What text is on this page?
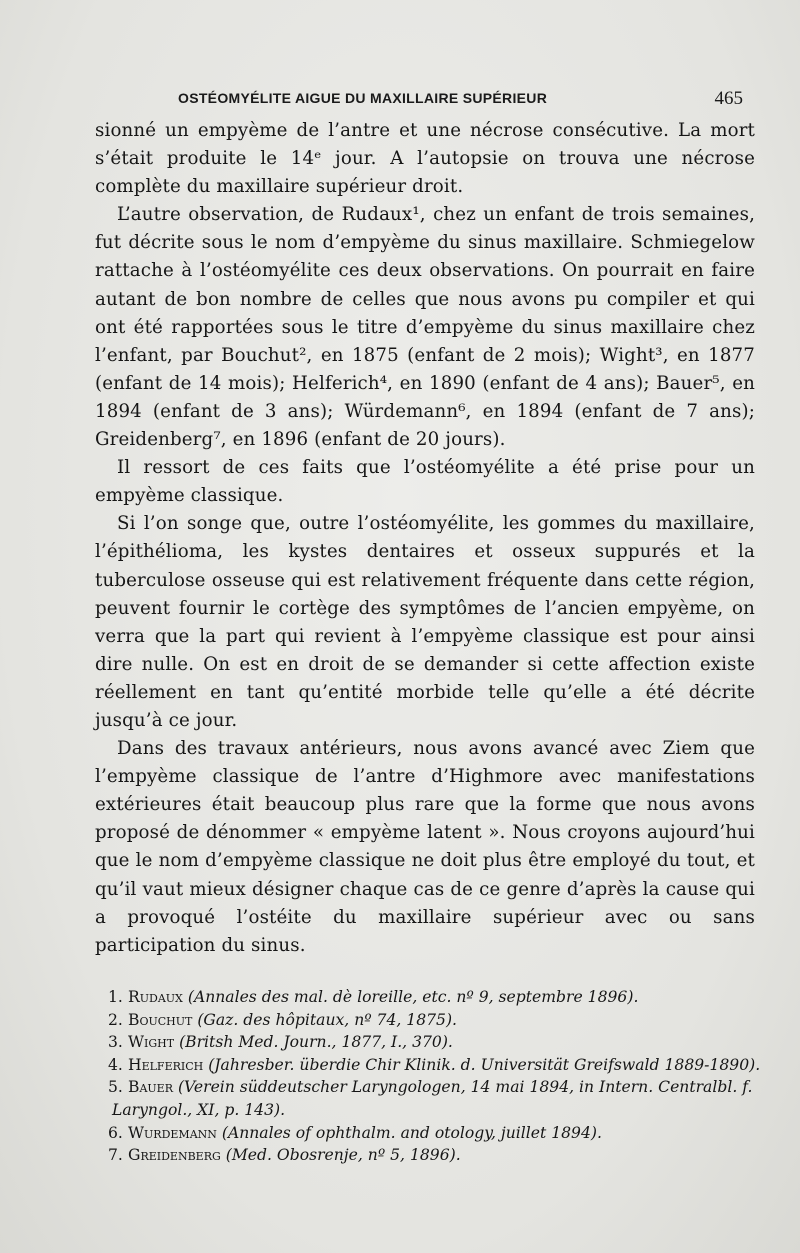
OSTÉOMYÉLITE AIGUE DU MAXILLAIRE SUPÉRIEUR	465

sionné un empyème de l’antre et une nécrose consécutive. La mort s’était produite le 14ᵉ jour. A l’autopsie on trouva une nécrose complète du maxillaire supérieur droit.

L’autre observation, de Rudaux¹, chez un enfant de trois semaines, fut décrite sous le nom d’empyème du sinus maxillaire. Schmiegelow rattache à l’ostéomyélite ces deux observations. On pourrait en faire autant de bon nombre de celles que nous avons pu compiler et qui ont été rapportées sous le titre d’empyème du sinus maxillaire chez l’enfant, par Bouchut², en 1875 (enfant de 2 mois); Wight³, en 1877 (enfant de 14 mois); Helferich⁴, en 1890 (enfant de 4 ans); Bauer⁵, en 1894 (enfant de 3 ans); Würdemann⁶, en 1894 (enfant de 7 ans); Greidenberg⁷, en 1896 (enfant de 20 jours).

Il ressort de ces faits que l’ostéomyélite a été prise pour un empyème classique.

Si l’on songe que, outre l’ostéomyélite, les gommes du maxillaire, l’épithélioma, les kystes dentaires et osseux suppurés et la tuberculose osseuse qui est relativement fréquente dans cette région, peuvent fournir le cortège des symptômes de l’ancien empyème, on verra que la part qui revient à l’empyème classique est pour ainsi dire nulle. On est en droit de se demander si cette affection existe réellement en tant qu’entité morbide telle qu’elle a été décrite jusqu’à ce jour.

Dans des travaux antérieurs, nous avons avancé avec Ziem que l’empyème classique de l’antre d’Highmore avec manifestations extérieures était beaucoup plus rare que la forme que nous avons proposé de dénommer « empyème latent ». Nous croyons aujourd’hui que le nom d’empyème classique ne doit plus être employé du tout, et qu’il vaut mieux désigner chaque cas de ce genre d’après la cause qui a provoqué l’ostéite du maxillaire supérieur avec ou sans participation du sinus.

1. Rudaux (Annales des mal. dè loreille, etc. nº 9, septembre 1896).

2. Bouchut (Gaz. des hôpitaux, nº 74, 1875).

3. Wight (Britsh Med. Journ., 1877, I., 370).

4. Helferich (Jahresber. überdie Chir Klinik. d. Universität Greifswald 1889-1890).

5. Bauer (Verein süddeutscher Laryngologen, 14 mai 1894, in Intern. Centralbl. f. Laryngol., XI, p. 143).

6. Wurdemann (Annales of ophthalm. and otology, juillet 1894).

7. Greidenberg (Med. Obosrenje, nº 5, 1896).
